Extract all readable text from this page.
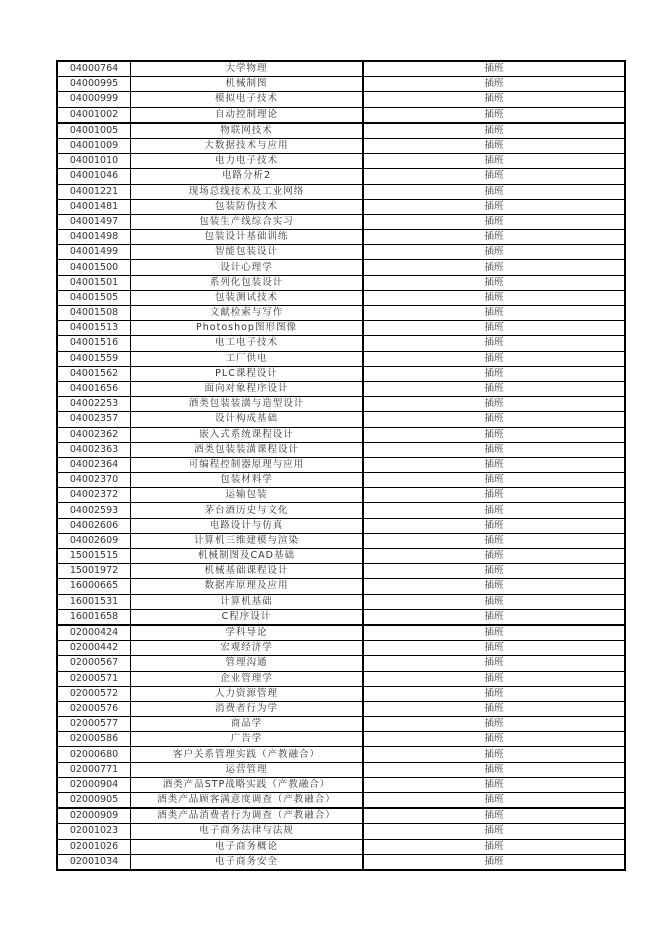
04000764	大学物理	插班
04000995	机械制图	插班
04000999	模拟电子技术	插班
04001002	自动控制理论	插班
04001005	物联网技术	插班
04001009	大数据技术与应用	插班
04001010	电力电子技术	插班
04001046	电路分析2	插班
04001221	现场总线技术及工业网络	插班
04001481	包装防伪技术	插班
04001497	包装生产线综合实习	插班
04001498	包装设计基础训练	插班
04001499	智能包装设计	插班
04001500	设计心理学	插班
04001501	系列化包装设计	插班
04001505	包装测试技术	插班
04001508	文献检索与写作	插班
04001513	Photoshop图形图像	插班
04001516	电工电子技术	插班
04001559	工厂供电	插班
04001562	PLC课程设计	插班
04001656	面向对象程序设计	插班
04002253	酒类包装装潢与造型设计	插班
04002357	设计构成基础	插班
04002362	嵌入式系统课程设计	插班
04002363	酒类包装装潢课程设计	插班
04002364	可编程控制器原理与应用	插班
04002370	包装材料学	插班
04002372	运输包装	插班
04002593	茅台酒历史与文化	插班
04002606	电路设计与仿真	插班
04002609	计算机三维建模与渲染	插班
15001515	机械制图及CAD基础	插班
15001972	机械基础课程设计	插班
16000665	数据库原理及应用	插班
16001531	计算机基础	插班
16001658	C程序设计	插班
02000424	学科导论	插班
02000442	宏观经济学	插班
02000567	管理沟通	插班
02000571	企业管理学	插班
02000572	人力资源管理	插班
02000576	消费者行为学	插班
02000577	商品学	插班
02000586	广告学	插班
02000680	客户关系管理实践（产教融合）	插班
02000771	运营管理	插班
02000904	酒类产品STP战略实践（产教融合）	插班
02000905	酒类产品顾客满意度调查（产教融合）	插班
02000909	酒类产品消费者行为调查（产教融合）	插班
02001023	电子商务法律与法规	插班
02001026	电子商务概论	插班
02001034	电子商务安全	插班
